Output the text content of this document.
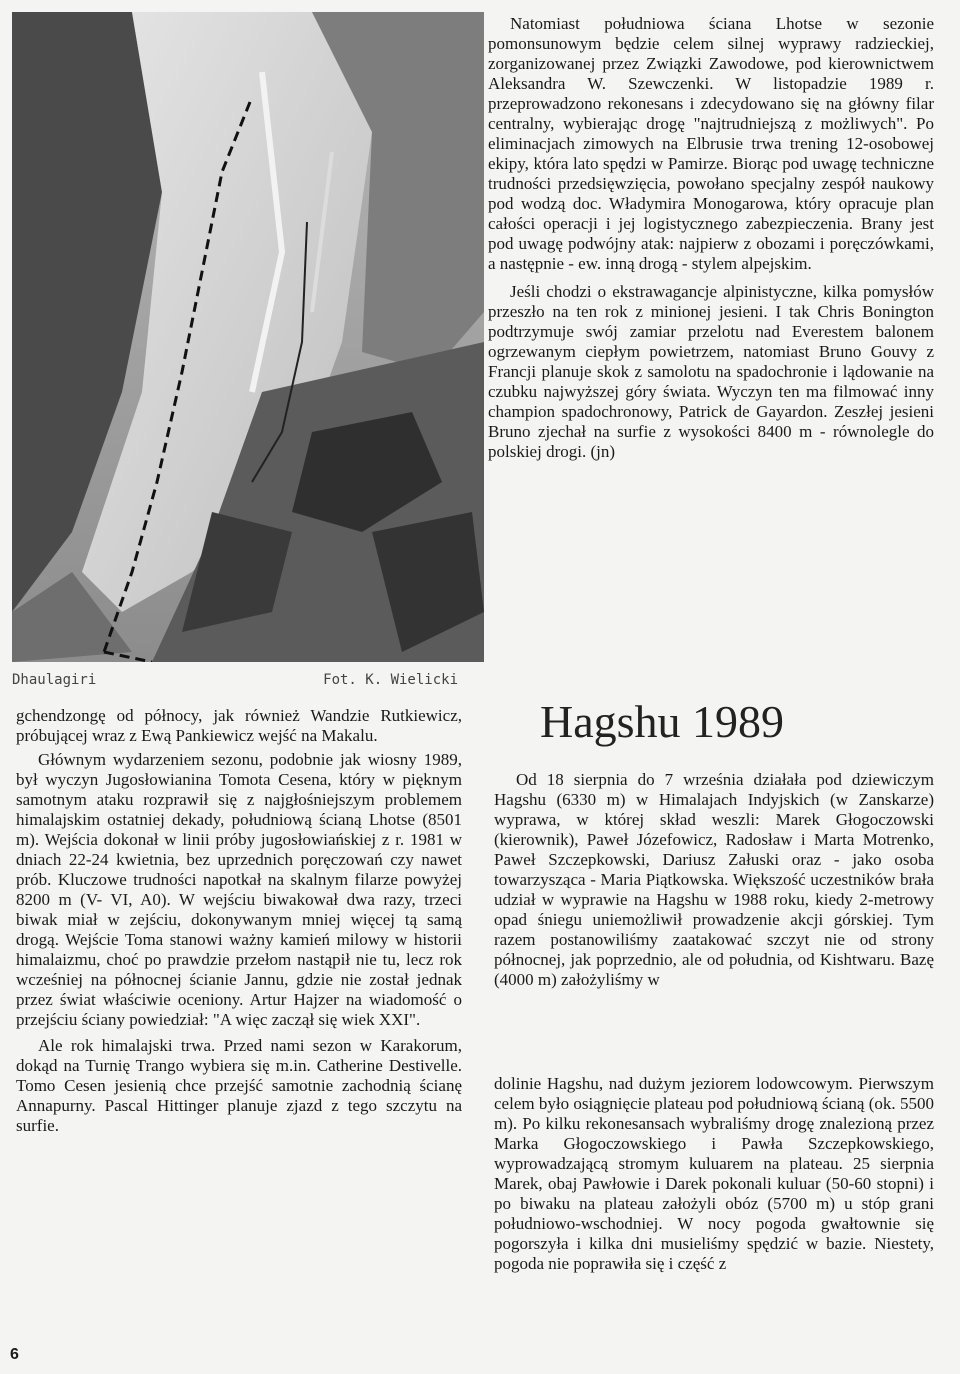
Dhaulagiri	Fot. K. Wielicki

Natomiast południowa ściana Lhotse w sezonie pomonsunowym będzie celem silnej wyprawy radzieckiej, zorganizowanej przez Związki Zawodowe, pod kierownictwem Aleksandra W. Szewczenki. W listopadzie 1989 r. przeprowadzono rekonesans i zdecydowano się na główny filar centralny, wybierając drogę "najtrudniejszą z możliwych". Po eliminacjach zimowych na Elbrusie trwa trening 12-osobowej ekipy, która lato spędzi w Pamirze. Biorąc pod uwagę techniczne trudności przedsięwzięcia, powołano specjalny zespół naukowy pod wodzą doc. Władymira Monogarowa, który opracuje plan całości operacji i jej logistycznego zabezpieczenia. Brany jest pod uwagę podwójny atak: najpierw z obozami i poręczówkami, a następnie - ew. inną drogą - stylem alpejskim.

Jeśli chodzi o ekstrawagancje alpinistyczne, kilka pomysłów przeszło na ten rok z minionej jesieni. I tak Chris Bonington podtrzymuje swój zamiar przelotu nad Everestem balonem ogrzewanym ciepłym powietrzem, natomiast Bruno Gouvy z Francji planuje skok z samolotu na spadochronie i lądowanie na czubku najwyższej góry świata. Wyczyn ten ma filmować inny champion spadochronowy, Patrick de Gayardon. Zeszłej jesieni Bruno zjechał na surfie z wysokości 8400 m - równolegle do polskiej drogi. (jn)

gchendzongę od północy, jak również Wandzie Rutkiewicz, próbującej wraz z Ewą Pankiewicz wejść na Makalu.

Głównym wydarzeniem sezonu, podobnie jak wiosny 1989, był wyczyn Jugosłowianina Tomota Cesena, który w pięknym samotnym ataku rozprawił się z najgłośniejszym problemem himalajskim ostatniej dekady, południową ścianą Lhotse (8501 m). Wejścia dokonał w linii próby jugosłowiańskiej z r. 1981 w dniach 22-24 kwietnia, bez uprzednich poręczowań czy nawet prób. Kluczowe trudności napotkał na skalnym filarze powyżej 8200 m (V- VI, A0). W wejściu biwakował dwa razy, trzeci biwak miał w zejściu, dokonywanym mniej więcej tą samą drogą. Wejście Toma stanowi ważny kamień milowy w historii himalaizmu, choć po prawdzie przełom nastąpił nie tu, lecz rok wcześniej na północnej ścianie Jannu, gdzie nie został jednak przez świat właściwie oceniony. Artur Hajzer na wiadomość o przejściu ściany powiedział: "A więc zaczął się wiek XXI".

Ale rok himalajski trwa. Przed nami sezon w Karakorum, dokąd na Turnię Trango wybiera się m.in. Catherine Destivelle. Tomo Cesen jesienią chce przejść samotnie zachodnią ścianę Annapurny. Pascal Hittinger planuje zjazd z tego szczytu na surfie.

Hagshu 1989

Od 18 sierpnia do 7 września działała pod dziewiczym Hagshu (6330 m) w Himalajach Indyjskich (w Zanskarze) wyprawa, w której skład weszli: Marek Głogoczowski (kierownik), Paweł Józefowicz, Radosław i Marta Motrenko, Paweł Szczepkowski, Dariusz Załuski oraz - jako osoba towarzysząca - Maria Piątkowska. Większość uczestników brała udział w wyprawie na Hagshu w 1988 roku, kiedy 2-metrowy opad śniegu uniemożliwił prowadzenie akcji górskiej. Tym razem postanowiliśmy zaatakować szczyt nie od strony północnej, jak poprzednio, ale od południa, od Kishtwaru. Bazę (4000 m) założyliśmy w

dolinie Hagshu, nad dużym jeziorem lodowcowym. Pierwszym celem było osiągnięcie plateau pod południową ścianą (ok. 5500 m). Po kilku rekonesansach wybraliśmy drogę znalezioną przez Marka Głogoczowskiego i Pawła Szczepkowskiego, wyprowadzającą stromym kuluarem na plateau. 25 sierpnia Marek, obaj Pawłowie i Darek pokonali kuluar (50-60 stopni) i po biwaku na plateau założyli obóz (5700 m) u stóp grani południowo-wschodniej. W nocy pogoda gwałtownie się pogorszyła i kilka dni musieliśmy spędzić w bazie. Niestety, pogoda nie poprawiła się i część z

6
